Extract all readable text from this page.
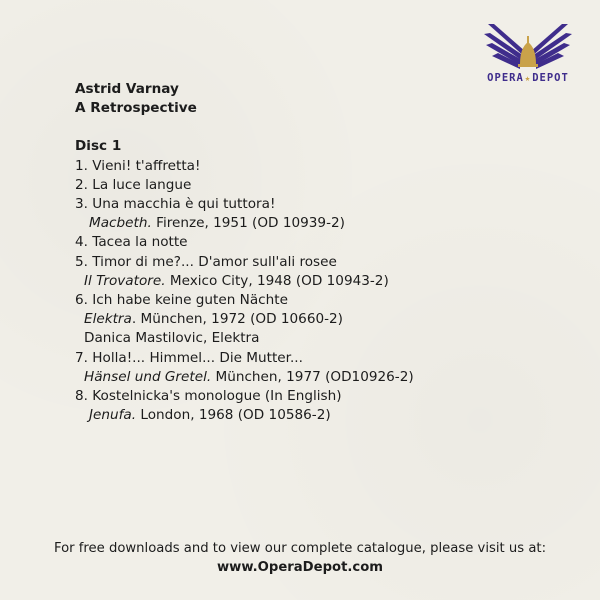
OPERA★DEPOT
Astrid Varnay
A Retrospective
Disc 1
1. Vieni! t'affretta!
2. La luce langue
3. Una macchia è qui tuttora!
Macbeth. Firenze, 1951 (OD 10939-2)
4. Tacea la notte
5. Timor di me?... D'amor sull'ali rosee
Il Trovatore. Mexico City, 1948 (OD 10943-2)
6. Ich habe keine guten Nächte
Elektra. München, 1972 (OD 10660-2)
Danica Mastilovic, Elektra
7. Holla!... Himmel... Die Mutter...
Hänsel und Gretel. München, 1977 (OD10926-2)
8. Kostelnicka's monologue (In English)
Jenufa. London, 1968 (OD 10586-2)
For free downloads and to view our complete catalogue, please visit us at:
www.OperaDepot.com
